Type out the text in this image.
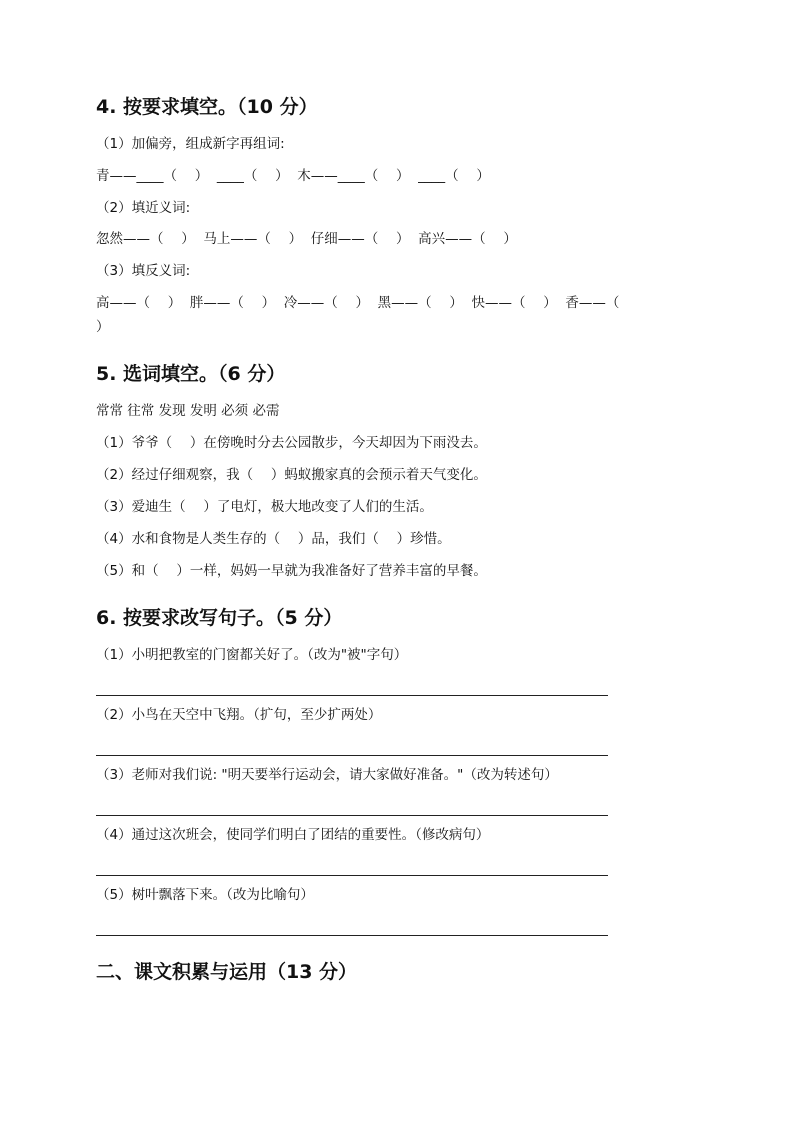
4. 按要求填空。（10 分）

（1）加偏旁，组成新字再组词:

青——____（　 ）  ____（　 ）  木——____（　 ）  ____（　 ）

（2）填近义词:

忽然——（　 ）  马上——（　 ）  仔细——（　 ）  高兴——（　 ）

（3）填反义词:

高——（　 ）  胖——（　 ）  冷——（　 ）  黑——（　 ）  快——（　 ）  香——（

）

5. 选词填空。（6 分）

常常 往常 发现 发明 必须 必需

（1）爷爷（　 ）在傍晚时分去公园散步，今天却因为下雨没去。

（2）经过仔细观察，我（　 ）蚂蚁搬家真的会预示着天气变化。

（3）爱迪生（　 ）了电灯，极大地改变了人们的生活。

（4）水和食物是人类生存的（　 ）品，我们（　 ）珍惜。

（5）和（　 ）一样，妈妈一早就为我准备好了营养丰富的早餐。

6. 按要求改写句子。（5 分）

（1）小明把教室的门窗都关好了。（改为"被"字句）

（2）小鸟在天空中飞翔。（扩句，至少扩两处）

（3）老师对我们说: "明天要举行运动会，请大家做好准备。"（改为转述句）

（4）通过这次班会，使同学们明白了团结的重要性。（修改病句）

（5）树叶飘落下来。（改为比喻句）

二、课文积累与运用（13 分）
